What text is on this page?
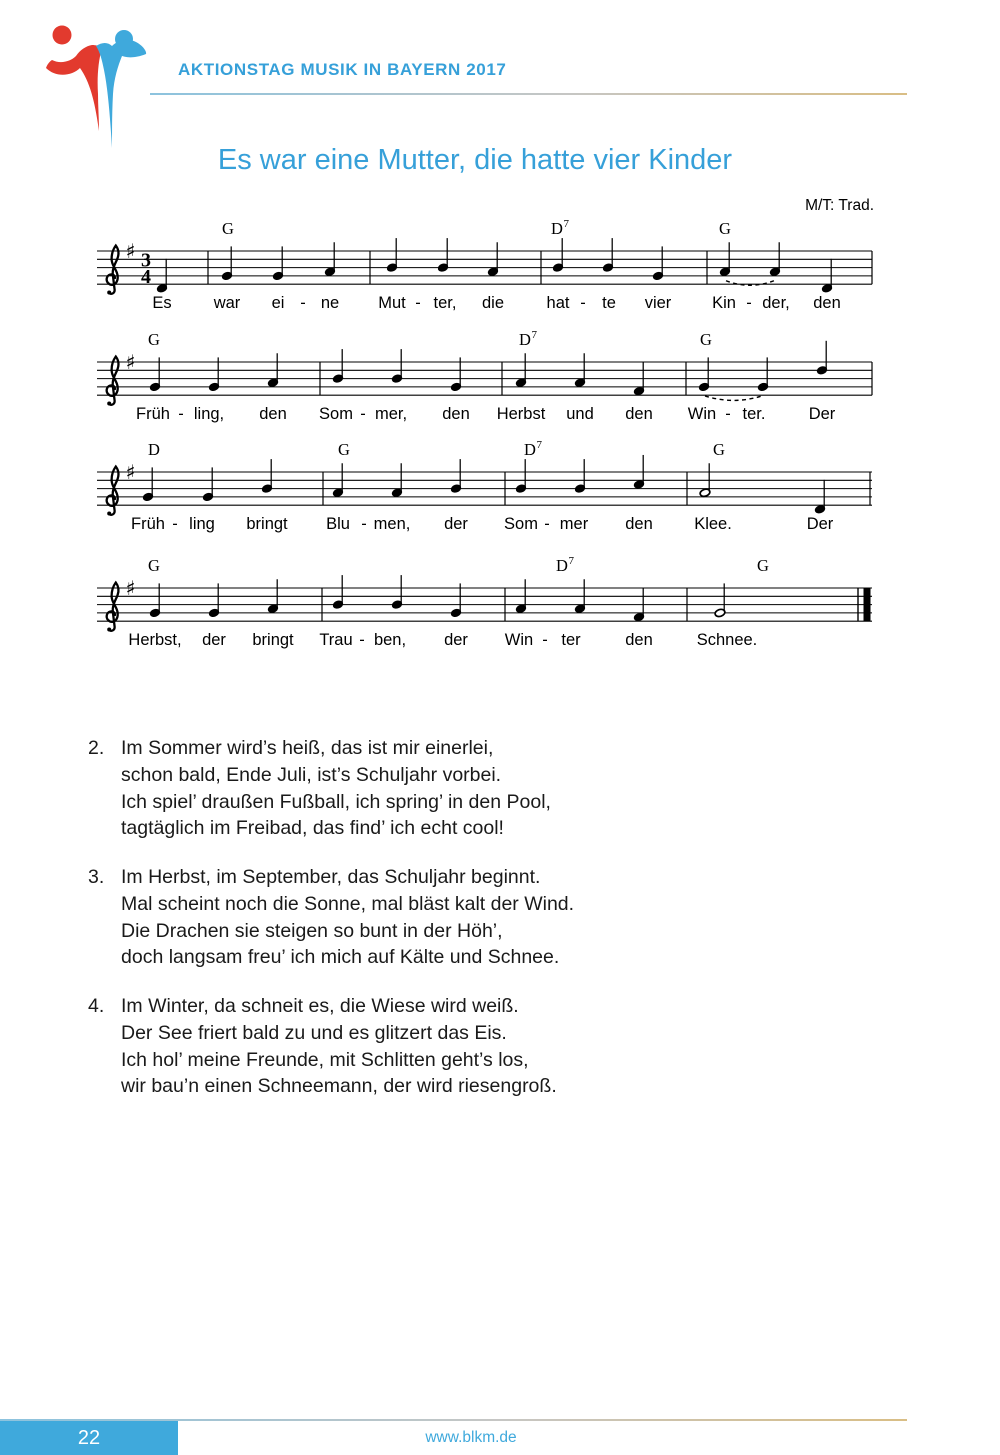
AKTIONSTAG MUSIK IN BAYERN 2017
Es war eine Mutter, die hatte vier Kinder
M/T: Trad.
♯ 3
4
G	D 7	G
Es	war ei - ne Mut - ter, die	hat - te vier Kin - der, den
♯
G	D 7	G
Früh - ling, den Som - mer, den Herbst und den Win - ter.	Der
♯
D	G	D 7	G
Früh - ling bringt Blu - men, der Som - mer den	Klee.	Der
♯
G	D 7	G
Herbst, der bringt Trau - ben, der Win - ter	den	Schnee.
2. Im Sommer wird’s heiß, das ist mir einerlei,
schon bald, Ende Juli, ist’s Schuljahr vorbei.
Ich spiel’ draußen Fußball, ich spring’ in den Pool,
tagtäglich im Freibad, das find’ ich echt cool!
3. Im Herbst, im September, das Schuljahr beginnt.
Mal scheint noch die Sonne, mal bläst kalt der Wind.
Die Drachen sie steigen so bunt in der Höh’,
doch langsam freu’ ich mich auf Kälte und Schnee.
4. Im Winter, da schneit es, die Wiese wird weiß.
Der See friert bald zu und es glitzert das Eis.
Ich hol’ meine Freunde, mit Schlitten geht’s los,
wir bau’n einen Schneemann, der wird riesengroß.
22	www.blkm.de
